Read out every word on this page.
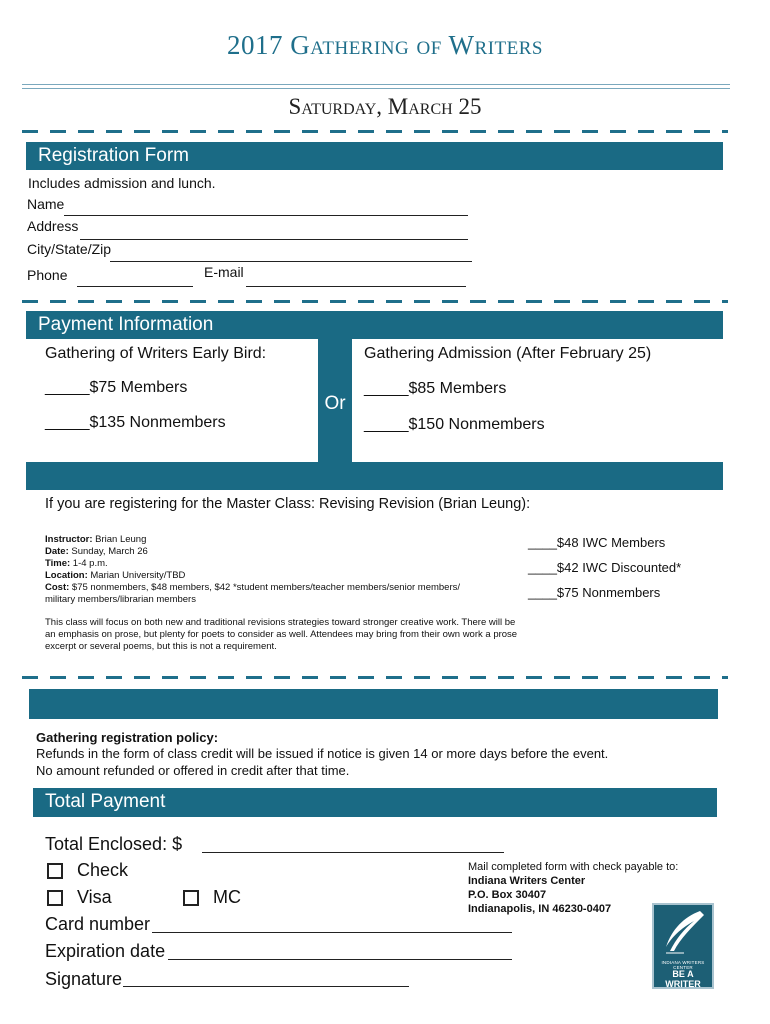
2017 Gathering of Writers
Saturday, March 25
Registration Form
Includes admission and lunch.
Name
Address
City/State/Zip
Phone	E-mail
Payment Information
Or
Gathering of Writers Early Bird:
_____$75 Members
_____$135 Nonmembers
Gathering Admission (After February 25)
_____$85 Members
_____$150 Nonmembers
If you are registering for the Master Class: Revising Revision (Brian Leung):
Instructor: Brian Leung
Date: Sunday, March 26
Time: 1-4 p.m.
Location: Marian University/TBD
Cost: $75 nonmembers, $48 members, $42 *student members/teacher members/senior members/
military members/librarian members
This class will focus on both new and traditional revisions strategies toward stronger creative work. There will be an emphasis on prose, but plenty for poets to consider as well. Attendees may bring from their own work a prose excerpt or several poems, but this is not a requirement.
____$48 IWC Members
____$42 IWC Discounted*
____$75 Nonmembers
Gathering registration policy:
Refunds in the form of class credit will be issued if notice is given 14 or more days before the event.
No amount refunded or offered in credit after that time.
Total Payment
Total Enclosed: $
Check
Visa	MC
Card number
Expiration date
Signature
Mail completed form with check payable to:
Indiana Writers Center
P.O. Box 30407
Indianapolis, IN 46230-0407
INDIANA WRITERS CENTER
BE A WRITER
